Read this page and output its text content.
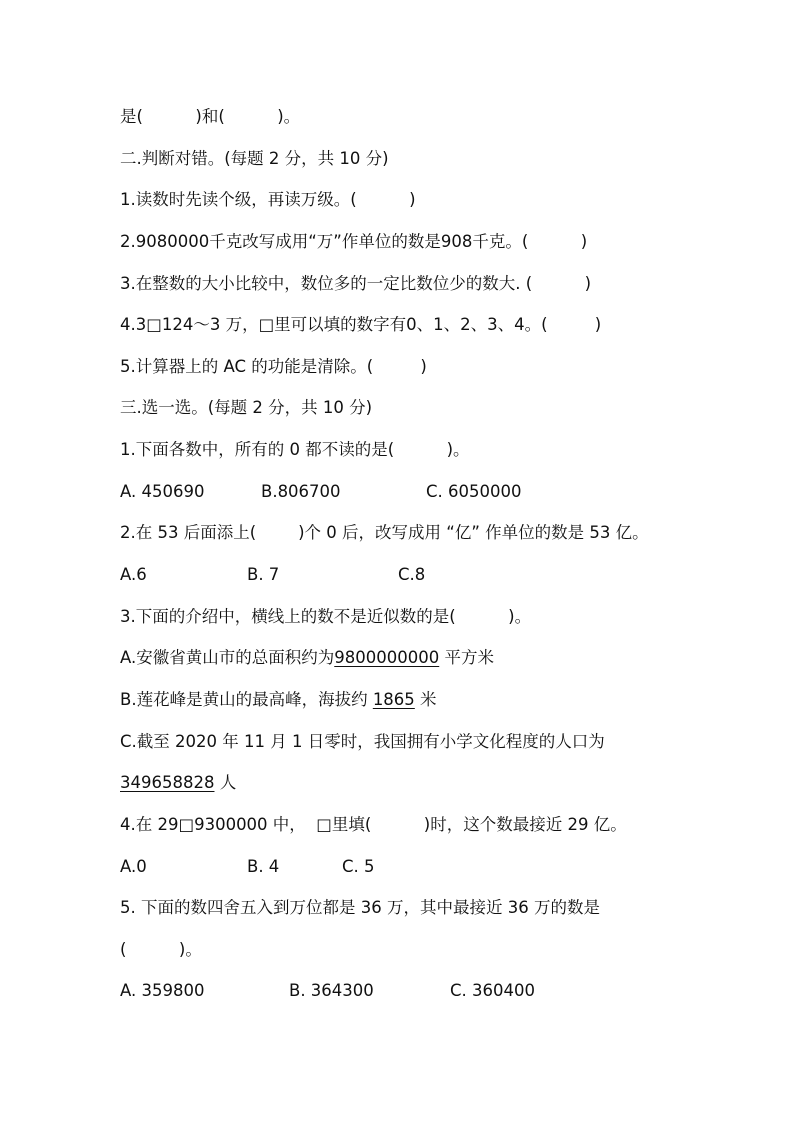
是(          )和(          )。
二.判断对错。(每题 2 分，共 10 分)
1.读数时先读个级，再读万级。(          )
2.9080000千克改写成用“万”作单位的数是908千克。(          )
3.在整数的大小比较中，数位多的一定比数位少的数大. (          )
4.3□124～3 万，□里可以填的数字有0、1、2、3、4。(         )
5.计算器上的 AC 的功能是清除。(         )
三.选一选。(每题 2 分，共 10 分)
1.下面各数中，所有的 0 都不读的是(          )。
A. 450690	B.806700	C. 6050000
2.在 53 后面添上(        )个 0 后，改写成用 “亿” 作单位的数是 53 亿。
A.6	B. 7	C.8
3.下面的介绍中，横线上的数不是近似数的是(          )。
A.安徽省黄山市的总面积约为9800000000 平方米
B.莲花峰是黄山的最高峰，海拔约 1865 米
C.截至 2020 年 11 月 1 日零时，我国拥有小学文化程度的人口为
349658828 人
4.在 29□9300000 中，  □里填(          )时，这个数最接近 29 亿。
A.0	B. 4	C. 5
5. 下面的数四舍五入到万位都是 36 万，其中最接近 36 万的数是
(          )。
A. 359800	B. 364300	C. 360400
